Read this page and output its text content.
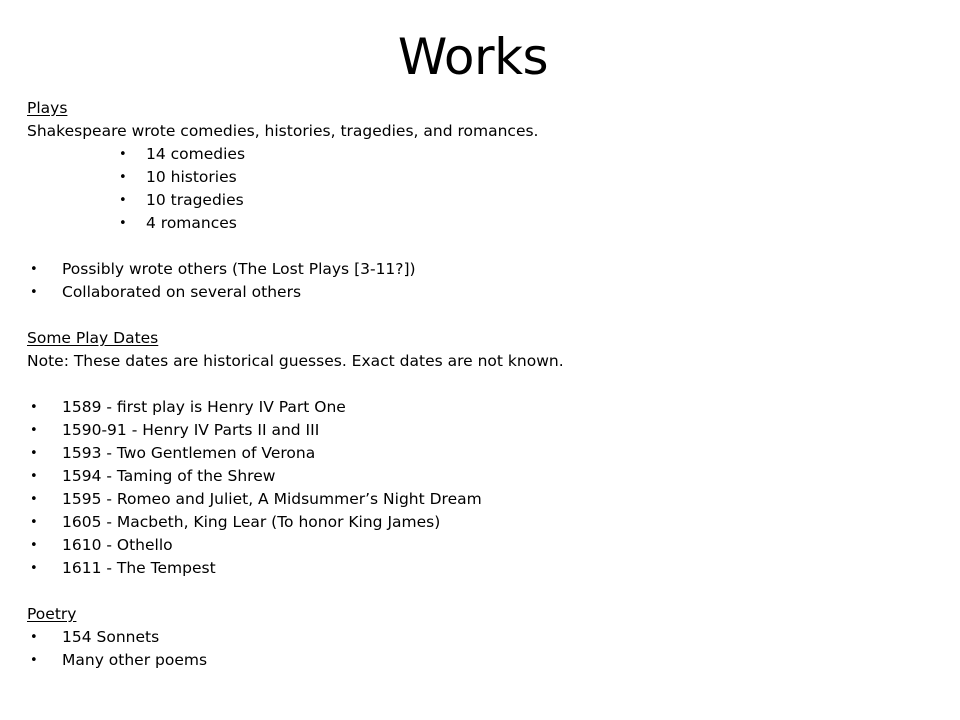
Works
Plays
Shakespeare wrote comedies, histories, tragedies, and romances.
• 14 comedies
• 10 histories
• 10 tragedies
• 4 romances
• Possibly wrote others (The Lost Plays [3-11?])
• Collaborated on several others
Some Play Dates
Note: These dates are historical guesses. Exact dates are not known.
• 1589 - first play is Henry IV Part One
• 1590-91 - Henry IV Parts II and III
• 1593 - Two Gentlemen of Verona
• 1594 - Taming of the Shrew
• 1595 - Romeo and Juliet, A Midsummer’s Night Dream
• 1605 - Macbeth, King Lear (To honor King James)
• 1610 - Othello
• 1611 - The Tempest
Poetry
• 154 Sonnets
• Many other poems
